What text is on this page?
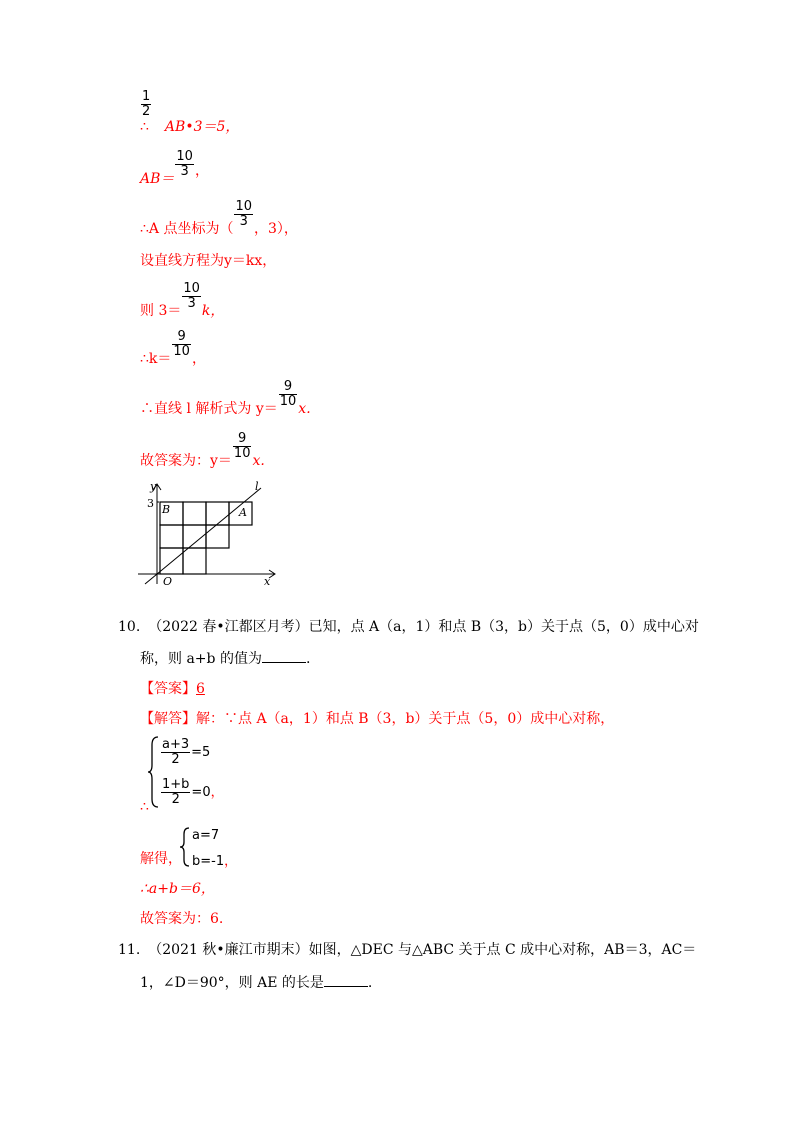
$\frac{1}{2}$
∴ AB•3＝5，
$AB= \frac{10}{3}$ ，
∴A 点坐标为（ $\frac{10}{3}$ ，3），
设直线方程为y＝kx，
则 $3= \frac{10}{3}$ k，
∴k＝ $\frac{9}{10}$ ，
∴直线 l 解析式为 $y= \frac{9}{10} x$.
故答案为：$y= \frac{9}{10} x$.
y
3 B	A
l
O	x
10. （2022 春•江都区月考）已知，点 A（a，1）和点 B（3，b）关于点（5，0）成中心对
称，则 a+b 的值为	.
【答案】6
【解答】解：∵点 A（a，1）和点 B（3，b）关于点（5，0）成中心对称，
$\frac{a+3}{2} =5$
$\frac{1+b}{2} =0$，
∴
解得，
a=7
b=-1，
∴a+b＝6，
故答案为：6.
11. （2021 秋•廉江市期末）如图，△DEC 与△ABC 关于点 C 成中心对称，AB＝3，AC＝
1，∠D＝90°，则 AE 的长是	.
